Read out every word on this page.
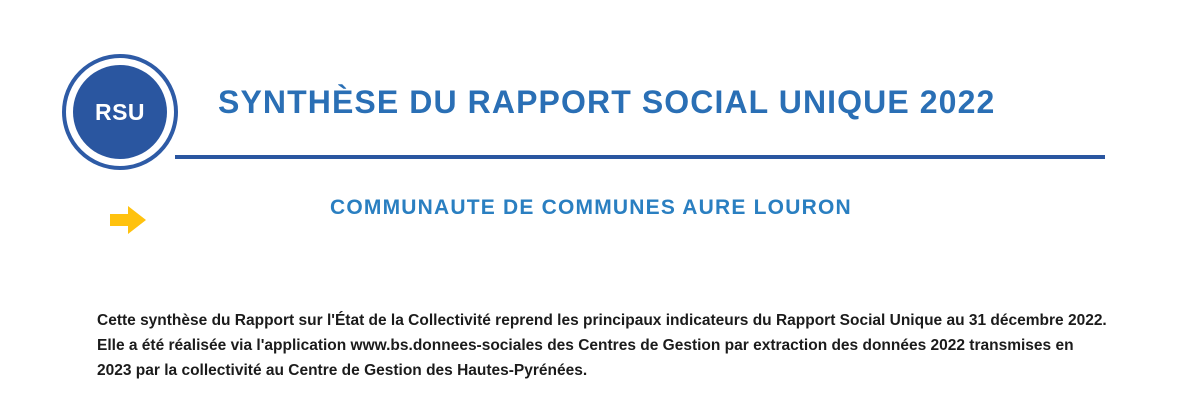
RSU SYNTHÈSE DU RAPPORT SOCIAL UNIQUE 2022
COMMUNAUTE DE COMMUNES AURE LOURON
Cette synthèse du Rapport sur l'État de la Collectivité reprend les principaux indicateurs du Rapport Social Unique au 31 décembre 2022. Elle a été réalisée via l'application www.bs.donnees-sociales des Centres de Gestion par extraction des données 2022 transmises en 2023 par la collectivité au Centre de Gestion des Hautes-Pyrénées.
